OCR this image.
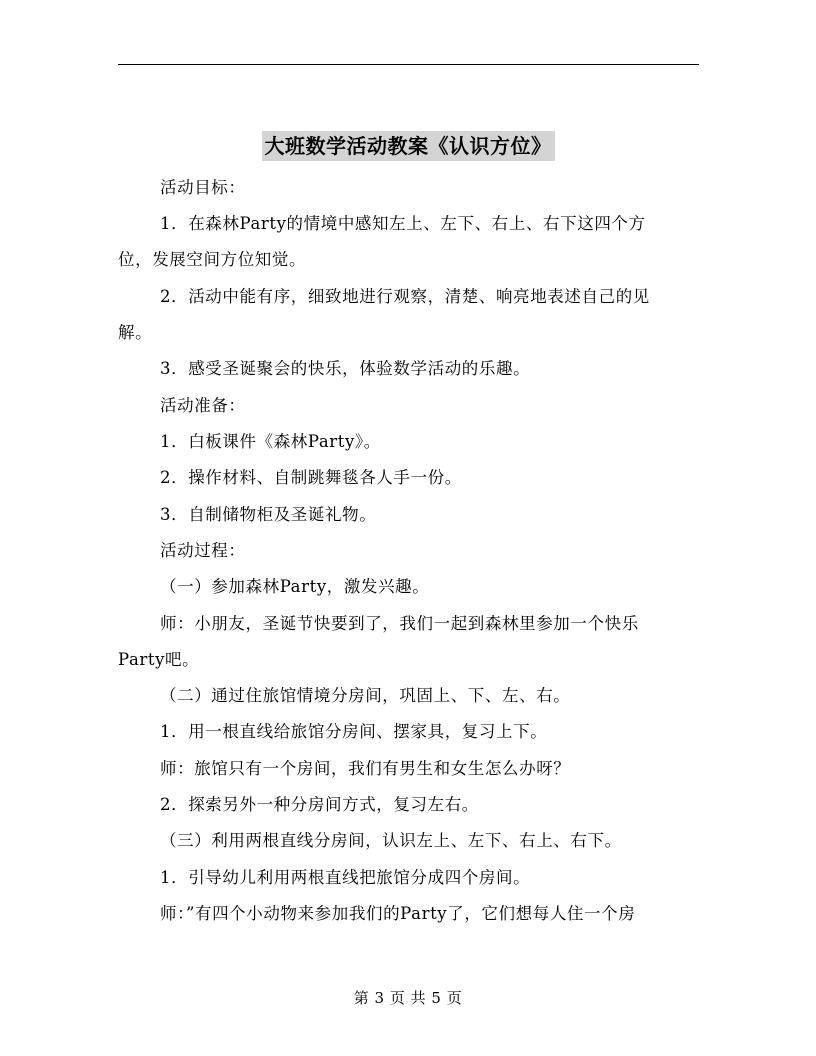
大班数学活动教案《认识方位》
活动目标：
1．在森林Party的情境中感知左上、左下、右上、右下这四个方
位，发展空间方位知觉。
2．活动中能有序，细致地进行观察，清楚、响亮地表述自己的见
解。
3．感受圣诞聚会的快乐，体验数学活动的乐趣。
活动准备：
1．白板课件《森林Party》。
2．操作材料、自制跳舞毯各人手一份。
3．自制储物柜及圣诞礼物。
活动过程：
（一）参加森林Party，激发兴趣。
师：小朋友，圣诞节快要到了，我们一起到森林里参加一个快乐
Party吧。
（二）通过住旅馆情境分房间，巩固上、下、左、右。
1．用一根直线给旅馆分房间、摆家具，复习上下。
师：旅馆只有一个房间，我们有男生和女生怎么办呀？
2．探索另外一种分房间方式，复习左右。
（三）利用两根直线分房间，认识左上、左下、右上、右下。
1．引导幼儿利用两根直线把旅馆分成四个房间。
师：”有四个小动物来参加我们的Party了，它们想每人住一个房
第 3 页 共 5 页
